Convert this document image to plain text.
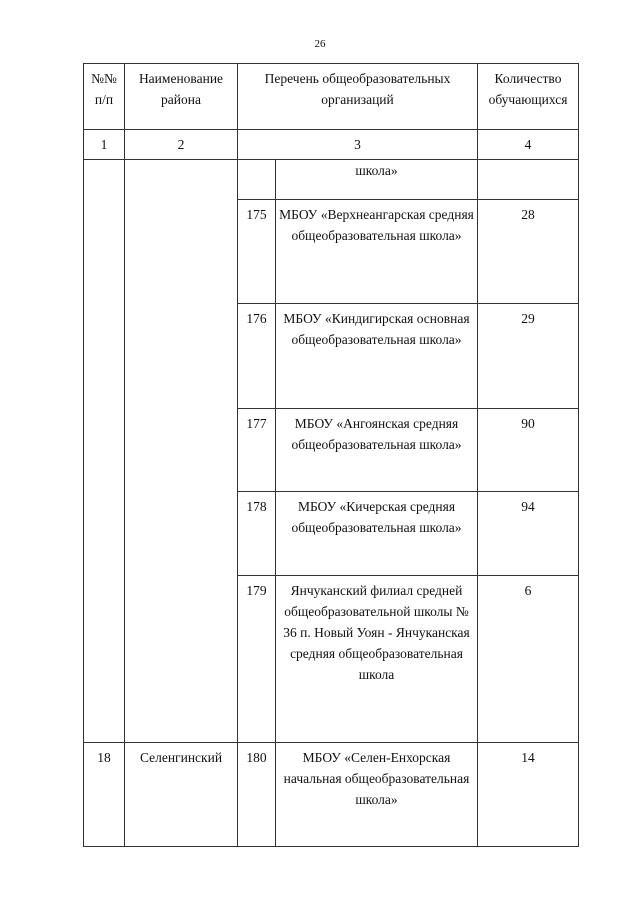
26
№№ п/п	Наименование района	Перечень общеобразовательных организаций		Количество обучающихся
1	2	3		4
			школа»	
		175	МБОУ «Верхнеангарская средняя общеобразовательная школа»	28
		176	МБОУ «Киндигирская основная общеобразовательная школа»	29
		177	МБОУ «Ангоянская средняя общеобразовательная школа»	90
		178	МБОУ «Кичерская средняя общеобразовательная школа»	94
		179	Янчуканский филиал средней общеобразовательной школы № 36 п. Новый Уоян - Янчуканская средняя общеобразовательная школа	6
18	Селенгинский	180	МБОУ «Селен-Енхорская начальная общеобразовательная школа»	14
